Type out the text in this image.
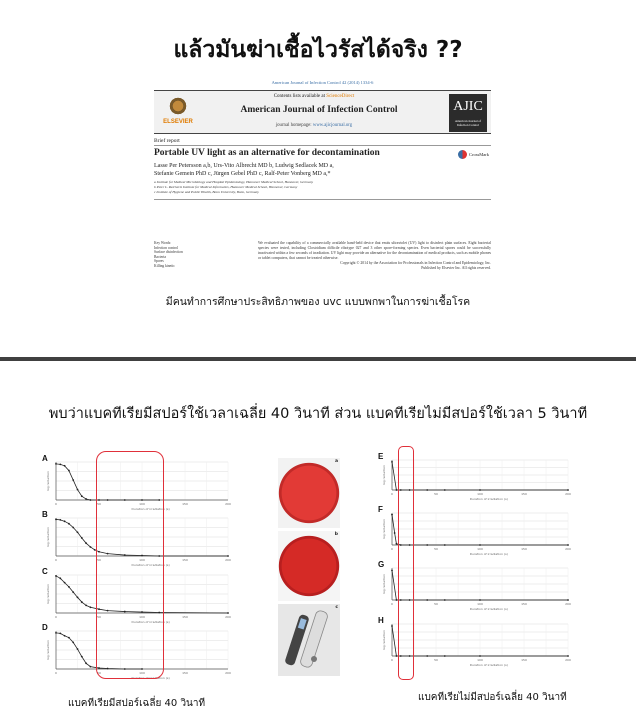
แล้วมันฆ่าเชื้อไวรัสได้จริง ??
American Journal of Infection Control 42 (2014) 1334-6
ELSEVIER
Contents lists available at ScienceDirect
American Journal of Infection Control
journal homepage: www.ajicjournal.org
AJIC
American Journal of Infection Control
Brief report
Portable UV light as an alternative for decontamination	CrossMark
Lasse Per Petersson a,b, Urs-Vito Albrecht MD b, Ludwig Sedlacek MD a,
Stefanie Gemein PhD c, Jürgen Gebel PhD c, Ralf-Peter Vonberg MD a,*
a Institute for Medical Microbiology and Hospital Epidemiology, Hannover Medical School, Hannover, Germany
b Peter L. Reichertz Institute for Medical Informatics, Hannover Medical School, Hannover, Germany
c Institute of Hygiene and Public Health, Bonn University, Bonn, Germany
Key Words:
Infection control
Surface disinfection
Bacteria
Spores
Killing kinetic
We evaluated the capability of a commercially available hand-held device that emits ultraviolet (UV) light to disinfect plain surfaces. Eight bacterial species were tested, including Clostridium difficile ribotype 027 and 3 other spore-forming species. Even bacterial spores could be successfully inactivated within a few seconds of irradiation. UV light may provide an alternative for the decontamination of medical products, such as mobile phones or tablet computers, that cannot be treated otherwise.
Copyright © 2014 by the Association for Professionals in Infection Control and Epidemiology, Inc.
Published by Elsevier Inc. All rights reserved.
มีคนทำการศึกษาประสิทธิภาพของ uvc แบบพกพาในการฆ่าเชื้อโรค
พบว่าแบคทีเรียมีสปอร์ใช้เวลาเฉลี่ย 40 วินาที ส่วน แบคทีเรียไม่มีสปอร์ใช้เวลา 5 วินาที
0	50	100	150	200
Duration of irradiation (s)
log reduction
A
0	50	100	150	200
Duration of irradiation (s)
log reduction
B
0	50	100	150	200
Duration of irradiation (s)
log reduction
C
0	50	100	150	200
Duration of irradiation (s)
log reduction
D
a
b
c
0	50	100	150	200
Duration of irradiation (s)
log reduction
E
0	50	100	150	200
Duration of irradiation (s)
log reduction
F
0	50	100	150	200
Duration of irradiation (s)
log reduction
G
0	50	100	150	200
Duration of irradiation (s)
log reduction
H
แบคทีเรียมีสปอร์เฉลี่ย 40 วินาที
แบคทีเรียไม่มีสปอร์เฉลี่ย 40 วินาที
